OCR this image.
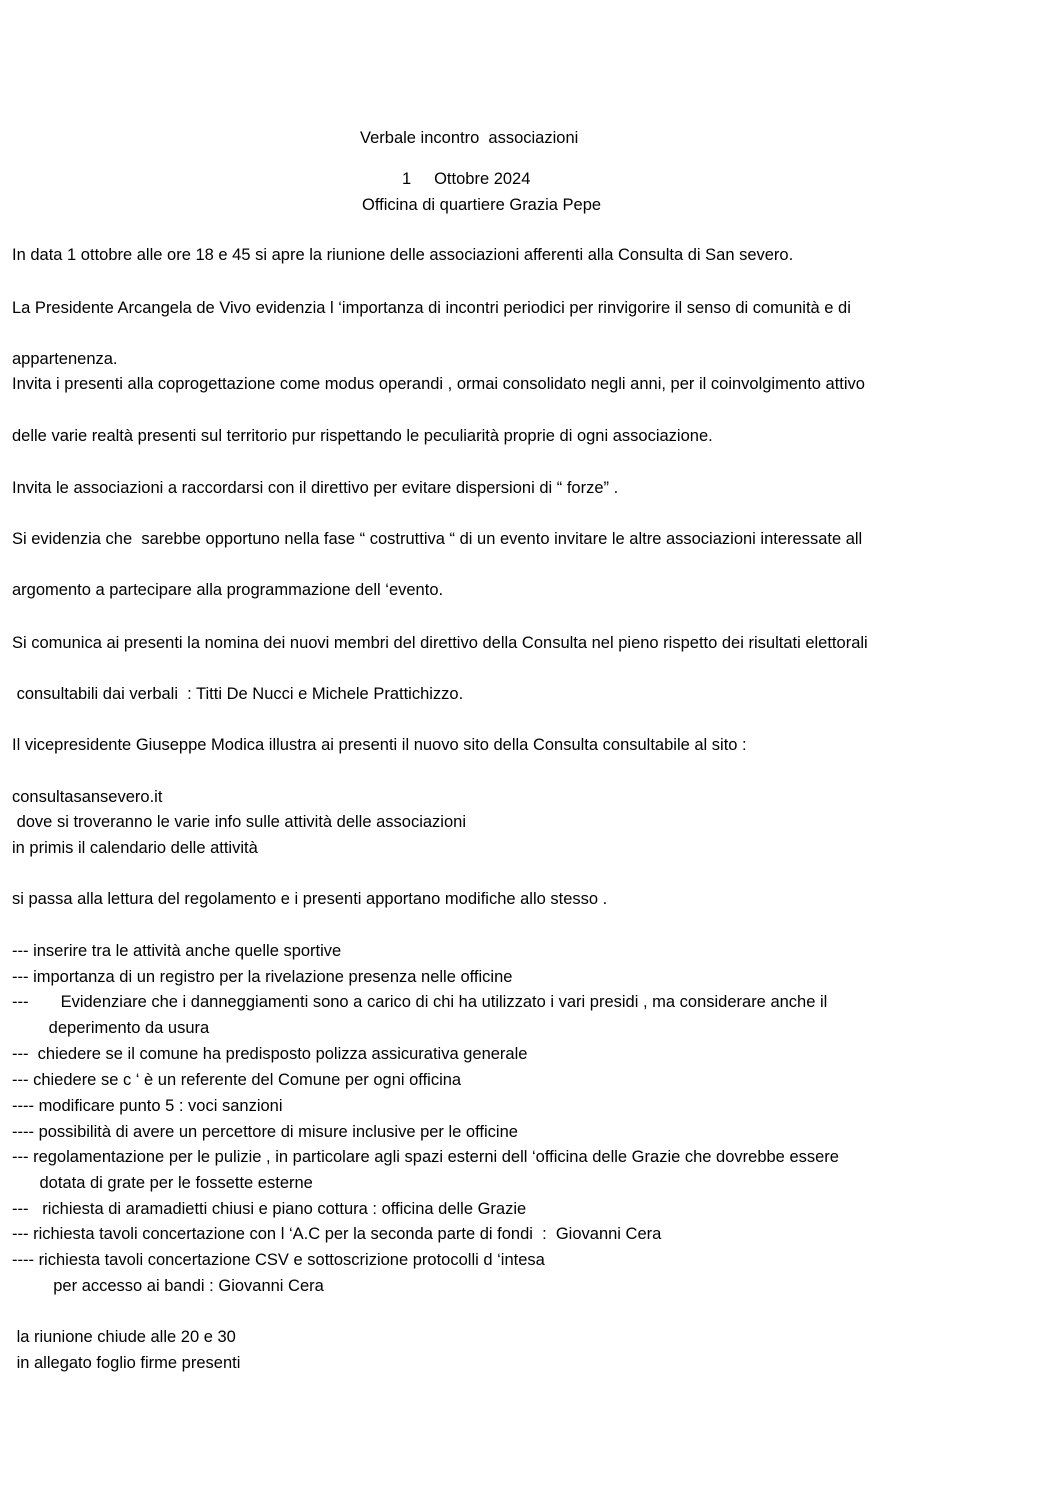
Verbale incontro  associazioni

1     Ottobre 2024

Officina di quartiere Grazia Pepe

In data 1 ottobre alle ore 18 e 45 si apre la riunione delle associazioni afferenti alla Consulta di San severo.

La Presidente Arcangela de Vivo evidenzia l ‘importanza di incontri periodici per rinvigorire il senso di comunità e di

appartenenza.

Invita i presenti alla coprogettazione come modus operandi , ormai consolidato negli anni, per il coinvolgimento attivo

delle varie realtà presenti sul territorio pur rispettando le peculiarità proprie di ogni associazione.

Invita le associazioni a raccordarsi con il direttivo per evitare dispersioni di “ forze” .

Si evidenzia che  sarebbe opportuno nella fase “ costruttiva “ di un evento invitare le altre associazioni interessate all

argomento a partecipare alla programmazione dell ‘evento.

Si comunica ai presenti la nomina dei nuovi membri del direttivo della Consulta nel pieno rispetto dei risultati elettorali

consultabili dai verbali  : Titti De Nucci e Michele Prattichizzo.

Il vicepresidente Giuseppe Modica illustra ai presenti il nuovo sito della Consulta consultabile al sito :

consultasansevero.it

dove si troveranno le varie info sulle attività delle associazioni

in primis il calendario delle attività

si passa alla lettura del regolamento e i presenti apportano modifiche allo stesso .

--- inserire tra le attività anche quelle sportive

--- importanza di un registro per la rivelazione presenza nelle officine

---       Evidenziare che i danneggiamenti sono a carico di chi ha utilizzato i vari presidi , ma considerare anche il

deperimento da usura

---  chiedere se il comune ha predisposto polizza assicurativa generale

--- chiedere se c ‘ è un referente del Comune per ogni officina

---- modificare punto 5 : voci sanzioni

---- possibilità di avere un percettore di misure inclusive per le officine

--- regolamentazione per le pulizie , in particolare agli spazi esterni dell ‘officina delle Grazie che dovrebbe essere

dotata di grate per le fossette esterne

---   richiesta di aramadietti chiusi e piano cottura : officina delle Grazie

--- richiesta tavoli concertazione con l ‘A.C per la seconda parte di fondi  :  Giovanni Cera

---- richiesta tavoli concertazione CSV e sottoscrizione protocolli d ‘intesa

per accesso ai bandi : Giovanni Cera

la riunione chiude alle 20 e 30

in allegato foglio firme presenti
